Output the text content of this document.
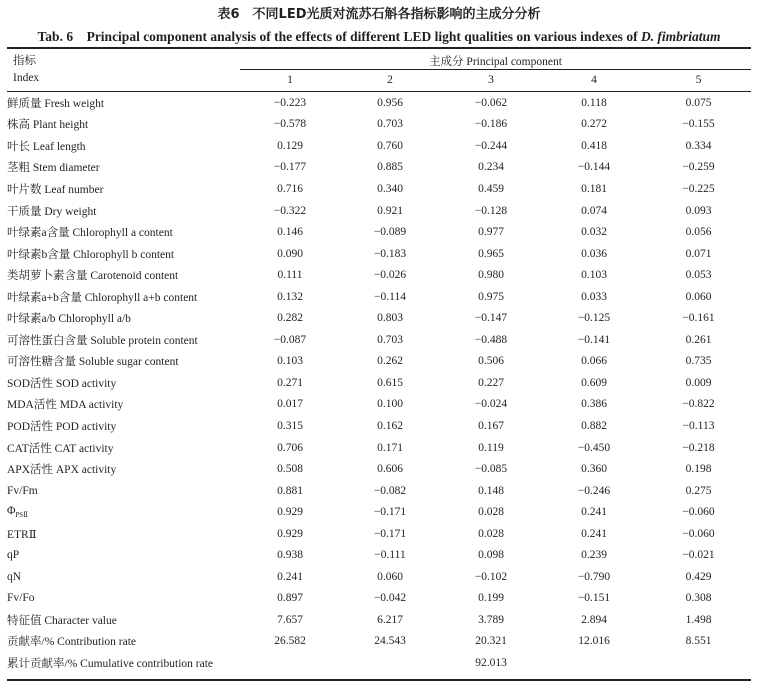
表6　不同LED光质对流苏石斛各指标影响的主成分分析
Tab. 6　Principal component analysis of the effects of different LED light qualities on various indexes of D. fimbriatum
指标
Index
主成分 Principal component
1	2	3	4	5
鲜质量 Fresh weight	−0.223	0.956	−0.062	0.118	0.075
株高 Plant height	−0.578	0.703	−0.186	0.272	−0.155
叶长 Leaf length	0.129	0.760	−0.244	0.418	0.334
茎粗 Stem diameter	−0.177	0.885	0.234	−0.144	−0.259
叶片数 Leaf number	0.716	0.340	0.459	0.181	−0.225
干质量 Dry weight	−0.322	0.921	−0.128	0.074	0.093
叶绿素a含量 Chlorophyll a content	0.146	−0.089	0.977	0.032	0.056
叶绿素b含量 Chlorophyll b content	0.090	−0.183	0.965	0.036	0.071
类胡萝卜素含量 Carotenoid content	0.111	−0.026	0.980	0.103	0.053
叶绿素a+b含量 Chlorophyll a+b content	0.132	−0.114	0.975	0.033	0.060
叶绿素a/b Chlorophyll a/b	0.282	0.803	−0.147	−0.125	−0.161
可溶性蛋白含量 Soluble protein content	−0.087	0.703	−0.488	−0.141	0.261
可溶性糖含量 Soluble sugar content	0.103	0.262	0.506	0.066	0.735
SOD活性 SOD activity	0.271	0.615	0.227	0.609	0.009
MDA活性 MDA activity	0.017	0.100	−0.024	0.386	−0.822
POD活性 POD activity	0.315	0.162	0.167	0.882	−0.113
CAT活性 CAT activity	0.706	0.171	0.119	−0.450	−0.218
APX活性 APX activity	0.508	0.606	−0.085	0.360	0.198
Fv/Fm	0.881	−0.082	0.148	−0.246	0.275
$\Phi_{PSⅡ}$	0.929	−0.171	0.028	0.241	−0.060
ETRⅡ	0.929	−0.171	0.028	0.241	−0.060
qP	0.938	−0.111	0.098	0.239	−0.021
qN	0.241	0.060	−0.102	−0.790	0.429
Fv/Fo	0.897	−0.042	0.199	−0.151	0.308
特征值 Character value	7.657	6.217	3.789	2.894	1.498
贡献率/% Contribution rate	26.582	24.543	20.321	12.016	8.551
累计贡献率/% Cumulative contribution rate			92.013		
